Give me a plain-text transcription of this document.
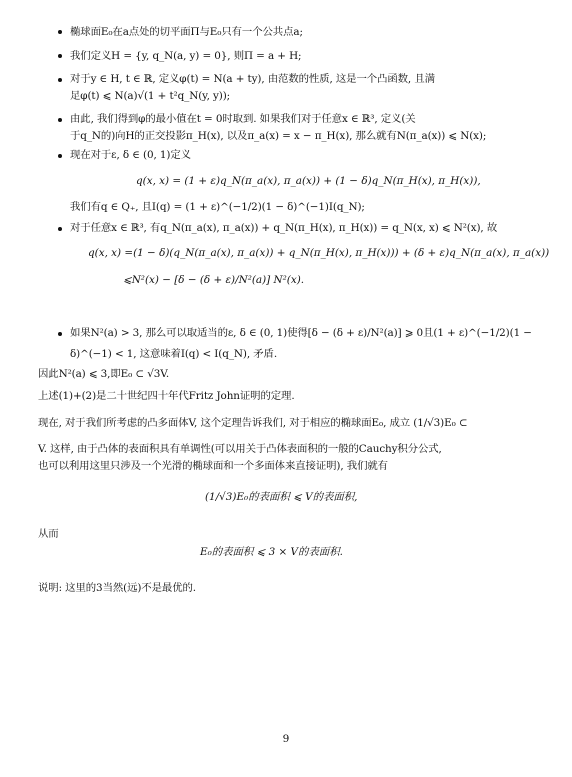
椭球面E₀在a点处的切平面Π与E₀只有一个公共点a;
我们定义H = {y, q_N(a, y) = 0}, 则Π = a + H;
对于y ∈ H, t ∈ ℝ, 定义φ(t) = N(a + ty), 由范数的性质, 这是一个凸函数, 且满
足φ(t) ⩽ N(a)√(1 + t²q_N(y, y));
由此, 我们得到φ的最小值在t = 0时取到. 如果我们对于任意x ∈ ℝ³, 定义(关
于q_N的)向H的正交投影π_H(x), 以及π_a(x) = x − π_H(x), 那么就有N(π_a(x)) ⩽ N(x);
现在对于ε, δ ∈ (0, 1)定义
q(x, x) = (1 + ε)q_N(π_a(x), π_a(x)) + (1 − δ)q_N(π_H(x), π_H(x)),
我们有q ∈ Q₊, 且I(q) = (1 + ε)^(−1/2)(1 − δ)^(−1)I(q_N);
对于任意x ∈ ℝ³, 有q_N(π_a(x), π_a(x)) + q_N(π_H(x), π_H(x)) = q_N(x, x) ⩽ N²(x), 故
q(x, x) =(1 − δ)(q_N(π_a(x), π_a(x)) + q_N(π_H(x), π_H(x))) + (δ + ε)q_N(π_a(x), π_a(x))
⩽N²(x) − [δ − (δ + ε)/N²(a)] N²(x).
如果N²(a) > 3, 那么可以取适当的ε, δ ∈ (0, 1)使得[δ − (δ + ε)/N²(a)] ⩾ 0且(1 + ε)^(−1/2)(1 −
δ)^(−1) < 1, 这意味着I(q) < I(q_N), 矛盾.
因此N²(a) ⩽ 3,即E₀ ⊂ √3V.
上述(1)+(2)是二十世纪四十年代Fritz John证明的定理.
现在, 对于我们所考虑的凸多面体V, 这个定理告诉我们, 对于相应的椭球面E₀, 成立 (1/√3)E₀ ⊂
V. 这样, 由于凸体的表面积具有单调性(可以用关于凸体表面积的一般的Cauchy积分公式,
也可以利用这里只涉及一个光滑的椭球面和一个多面体来直接证明), 我们就有
(1/√3)E₀的表面积 ⩽ V的表面积,
从而
E₀的表面积 ⩽ 3 × V的表面积.
说明: 这里的3当然(远)不是最优的.
9
